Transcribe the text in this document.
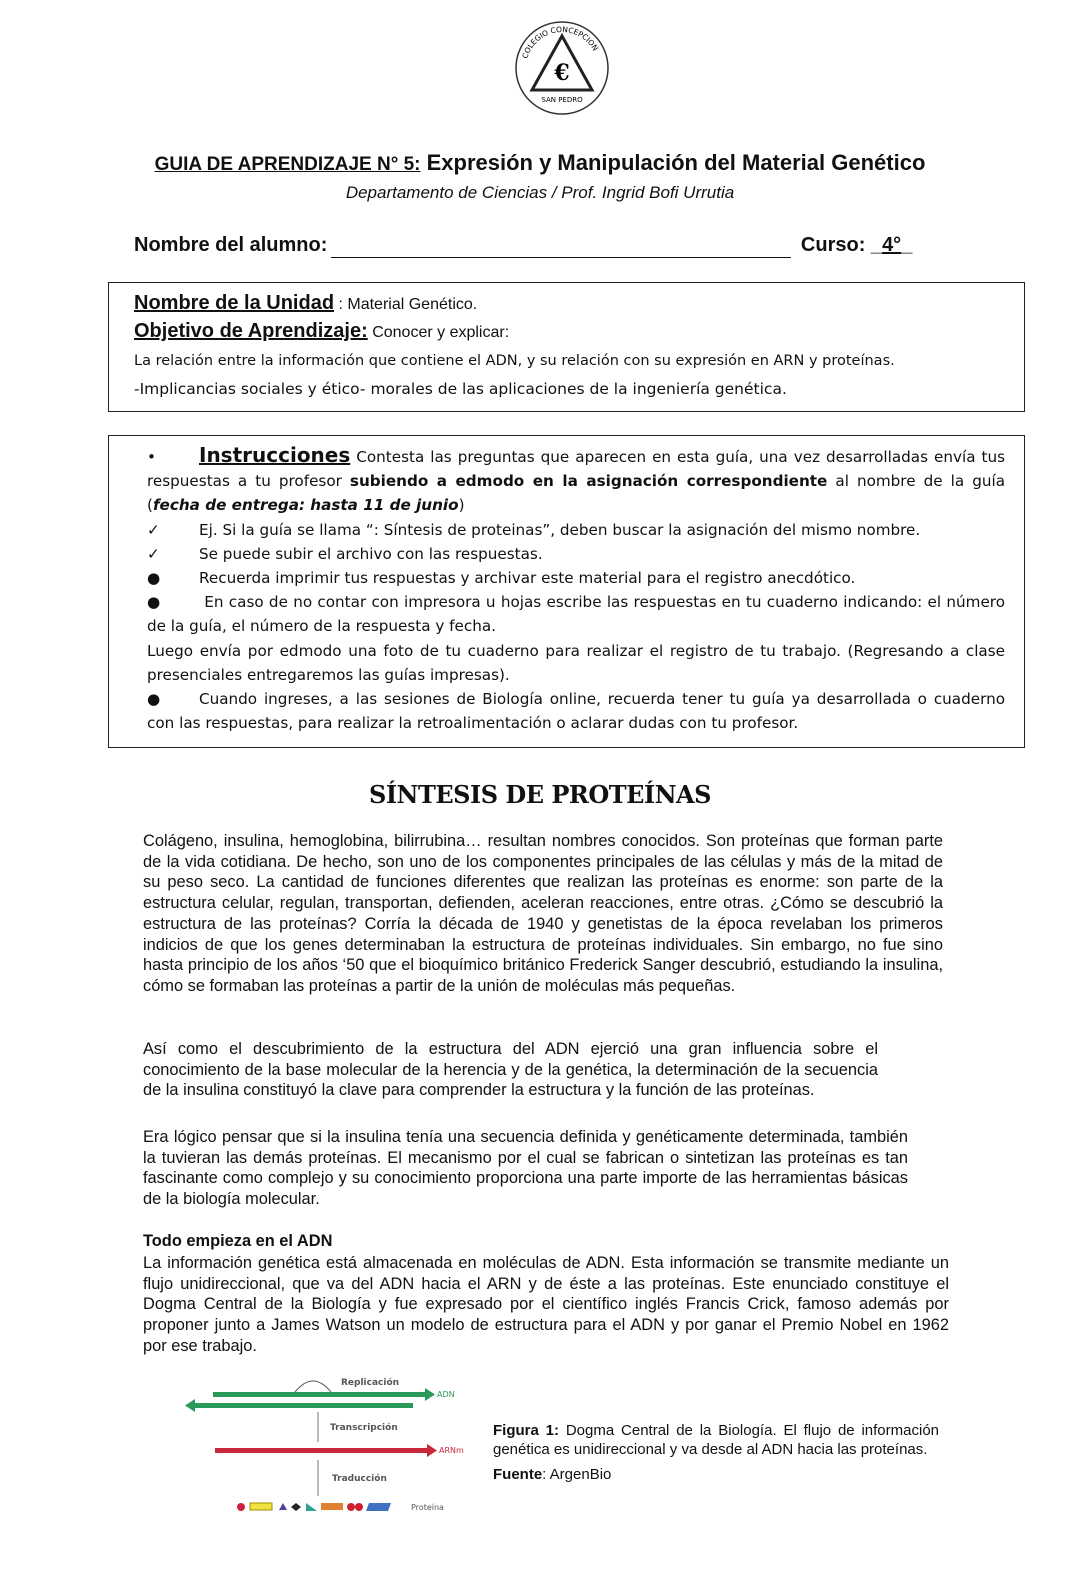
€
SAN PEDRO
COLEGIO CONCEPCION
GUIA DE APRENDIZAJE N° 5: Expresión y Manipulación del Material Genético
Departamento de Ciencias / Prof. Ingrid Bofi Urrutia
Nombre del alumno:	Curso: _4°_
Nombre de la Unidad : Material Genético.
Objetivo de Aprendizaje: Conocer y explicar:
La relación entre la información que contiene el ADN, y su relación con su expresión en ARN y proteínas.
-Implicancias sociales y ético- morales de las aplicaciones de la ingeniería genética.

• Instrucciones Contesta las preguntas que aparecen en esta guía, una vez desarrolladas envía tus respuestas a tu profesor subiendo a edmodo en la asignación correspondiente al nombre de la guía (fecha de entrega: hasta 11 de junio)

✓	Ej. Si la guía se llama “: Síntesis de proteinas”, deben buscar la asignación del mismo nombre.

✓	Se puede subir el archivo con las respuestas.

●	Recuerda imprimir tus respuestas y archivar este material para el registro anecdótico.

●	En caso de no contar con impresora u hojas escribe las respuestas en tu cuaderno indicando: el número de la guía, el número de la respuesta y fecha.

Luego envía por edmodo una foto de tu cuaderno para realizar el registro de tu trabajo. (Regresando a clase presenciales entregaremos las guías impresas).

●	Cuando ingreses, a las sesiones de Biología online, recuerda tener tu guía ya desarrollada o cuaderno con las respuestas, para realizar la retroalimentación o aclarar dudas con tu profesor.

SÍNTESIS DE PROTEÍNAS

Colágeno, insulina, hemoglobina, bilirrubina… resultan nombres conocidos. Son proteínas que forman parte de la vida cotidiana. De hecho, son uno de los componentes principales de las células y más de la mitad de su peso seco. La cantidad de funciones diferentes que realizan las proteínas es enorme: son parte de la estructura celular, regulan, transportan, defienden, aceleran reacciones, entre otras. ¿Cómo se descubrió la estructura de las proteínas? Corría la década de 1940 y genetistas de la época revelaban los primeros indicios de que los genes determinaban la estructura de proteínas individuales. Sin embargo, no fue sino hasta principio de los años ‘50 que el bioquímico británico Frederick Sanger descubrió, estudiando la insulina, cómo se formaban las proteínas a partir de la unión de moléculas más pequeñas.

Así como el descubrimiento de la estructura del ADN ejerció una gran influencia sobre el conocimiento de la base molecular de la herencia y de la genética, la determinación de la secuencia de la insulina constituyó la clave para comprender la estructura y la función de las proteínas.

Era lógico pensar que si la insulina tenía una secuencia definida y genéticamente determinada, también la tuvieran las demás proteínas. El mecanismo por el cual se fabrican o sintetizan las proteínas es tan fascinante como complejo y su conocimiento proporciona una parte importe de las herramientas básicas de la biología molecular.

Todo empieza en el ADN

La información genética está almacenada en moléculas de ADN. Esta información se transmite mediante un flujo unidireccional, que va del ADN hacia el ARN y de éste a las proteínas. Este enunciado constituye el Dogma Central de la Biología y fue expresado por el científico inglés Francis Crick, famoso además por proponer junto a James Watson un modelo de estructura para el ADN y por ganar el Premio Nobel en 1962 por ese trabajo.

Replicación
ADN
Transcripción
ARNm
Traducción
Proteína
Figura 1: Dogma Central de la Biología. El flujo de información genética es unidireccional y va desde al ADN hacia las proteínas.
Fuente: ArgenBio
